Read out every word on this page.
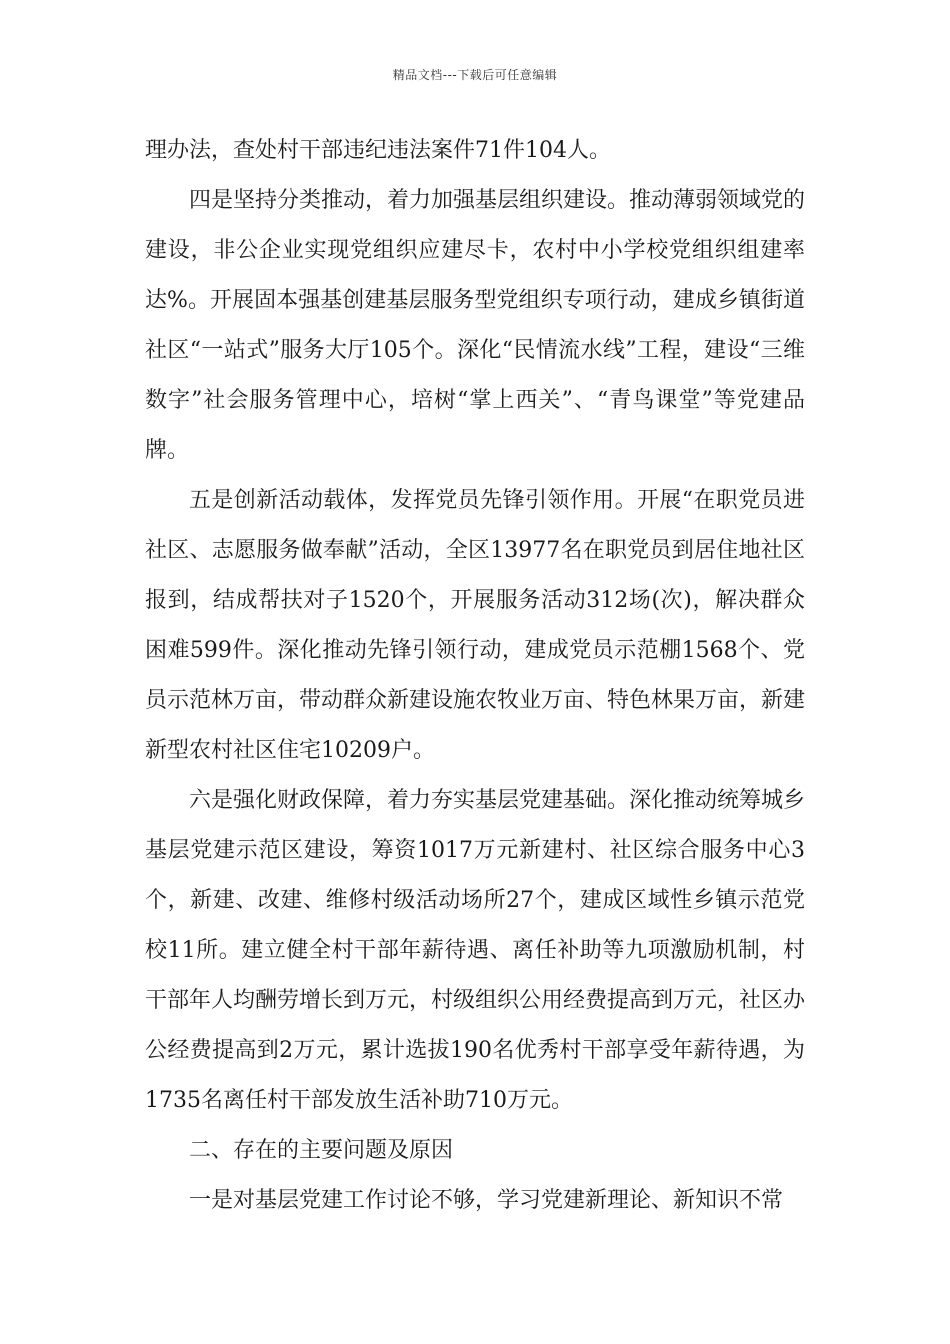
精品文档---下载后可任意编辑

理办法，查处村干部违纪违法案件71件104人。

四是坚持分类推动，着力加强基层组织建设。推动薄弱领域党的建设，非公企业实现党组织应建尽卡，农村中小学校党组织组建率达%。开展固本强基创建基层服务型党组织专项行动，建成乡镇街道社区“一站式”服务大厅105个。深化“民情流水线”工程，建设“三维数字”社会服务管理中心，培树“掌上西关”、“青鸟课堂”等党建品牌。

五是创新活动载体，发挥党员先锋引领作用。开展“在职党员进社区、志愿服务做奉献”活动，全区13977名在职党员到居住地社区报到，结成帮扶对子1520个，开展服务活动312场(次)，解决群众困难599件。深化推动先锋引领行动，建成党员示范棚1568个、党员示范林万亩，带动群众新建设施农牧业万亩、特色林果万亩，新建新型农村社区住宅10209户。

六是强化财政保障，着力夯实基层党建基础。深化推动统筹城乡基层党建示范区建设，筹资1017万元新建村、社区综合服务中心3个，新建、改建、维修村级活动场所27个，建成区域性乡镇示范党校11所。建立健全村干部年薪待遇、离任补助等九项激励机制，村干部年人均酬劳增长到万元，村级组织公用经费提高到万元，社区办公经费提高到2万元，累计选拔190名优秀村干部享受年薪待遇，为1735名离任村干部发放生活补助710万元。

二、存在的主要问题及原因

一是对基层党建工作讨论不够，学习党建新理论、新知识不常
